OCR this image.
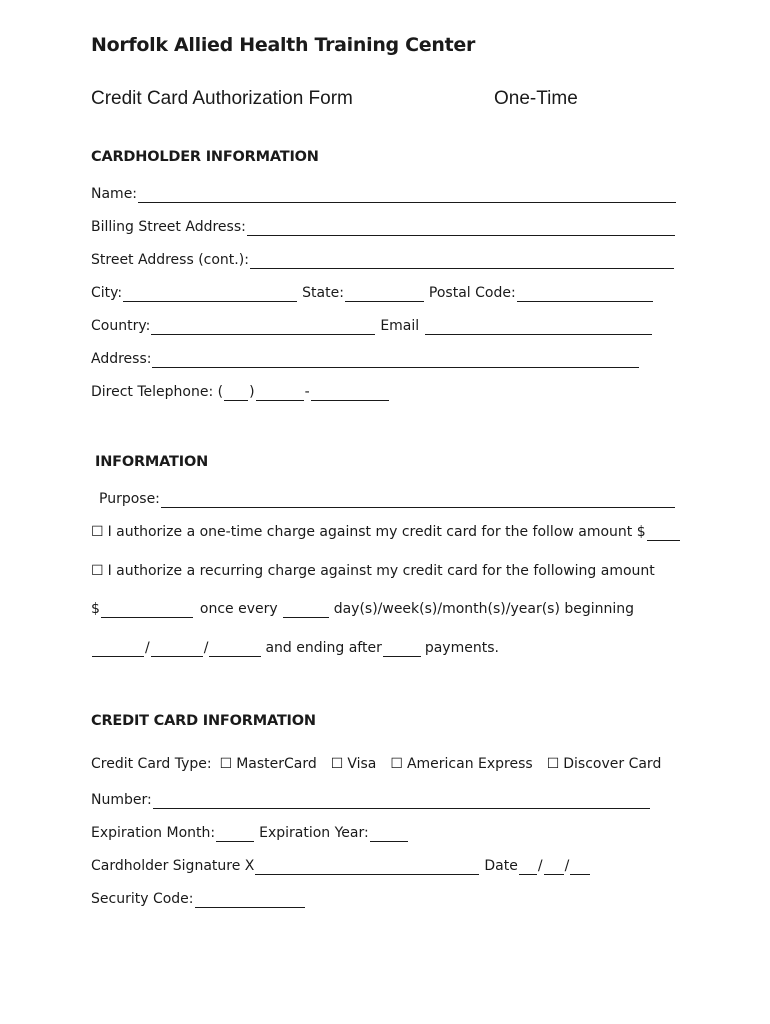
Norfolk Allied Health Training Center
Credit Card Authorization Form	One-Time
CARDHOLDER INFORMATION
Name:
Billing Street Address:
Street Address (cont.):
City:	State:	Postal Code:
Country:	Email
Address:
Direct Telephone: ( )	-
INFORMATION
Purpose:
☐ I authorize a one-time charge against my credit card for the follow amount $
☐ I authorize a recurring charge against my credit card for the following amount
$	once every	day(s)/week(s)/month(s)/year(s) beginning
/	/	and ending after	payments.
CREDIT CARD INFORMATION
Credit Card Type: ☐ MasterCard ☐ Visa ☐ American Express ☐ Discover Card
Number:
Expiration Month:	Expiration Year:
Cardholder Signature X	Date / /
Security Code:
